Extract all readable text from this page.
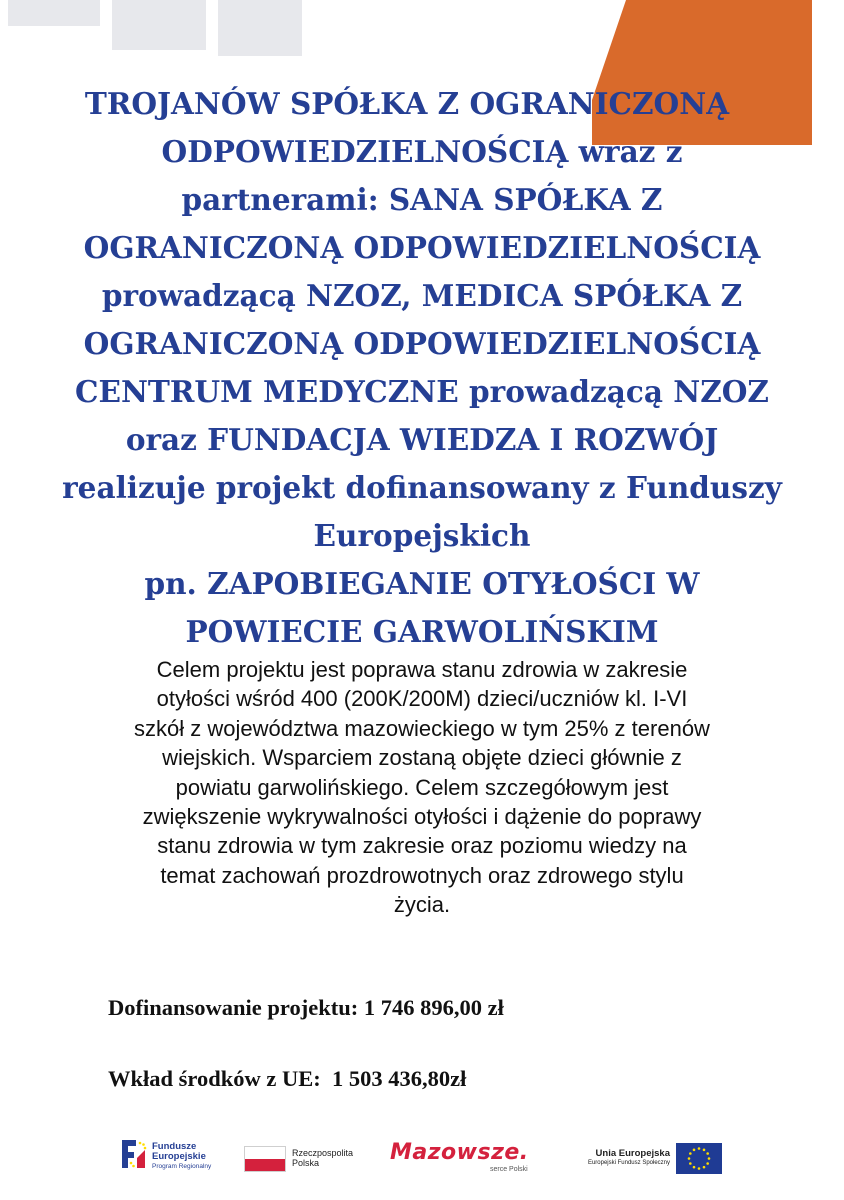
TROJANÓW SPÓŁKA Z OGRANICZONĄ
ODPOWIEDZIELNOŚCIĄ wraz z
partnerami: SANA SPÓŁKA Z
OGRANICZONĄ ODPOWIEDZIELNOŚCIĄ
prowadzącą NZOZ, MEDICA SPÓŁKA Z
OGRANICZONĄ ODPOWIEDZIELNOŚCIĄ
CENTRUM MEDYCZNE prowadzącą NZOZ
oraz FUNDACJA WIEDZA I ROZWÓJ
realizuje projekt dofinansowany z Funduszy
Europejskich
pn. ZAPOBIEGANIE OTYŁOŚCI W
POWIECIE GARWOLIŃSKIM

Celem projektu jest poprawa stanu zdrowia w zakresie
otyłości wśród 400 (200K/200M) dzieci/uczniów kl. I-VI
szkół z województwa mazowieckiego w tym 25% z terenów
wiejskich. Wsparciem zostaną objęte dzieci głównie z
powiatu garwolińskiego. Celem szczegółowym jest
zwiększenie wykrywalności otyłości i dążenie do poprawy
stanu zdrowia w tym zakresie oraz poziomu wiedzy na
temat zachowań prozdrowotnych oraz zdrowego stylu
życia.

Dofinansowanie projektu: 1 746 896,00 zł
Wkład środków z UE:  1 503 436,80zł
Fundusze
Europejskie
Program Regionalny
Rzeczpospolita
Polska	Mazowsze.
serce Polski
Unia Europejska
Europejski Fundusz Społeczny
